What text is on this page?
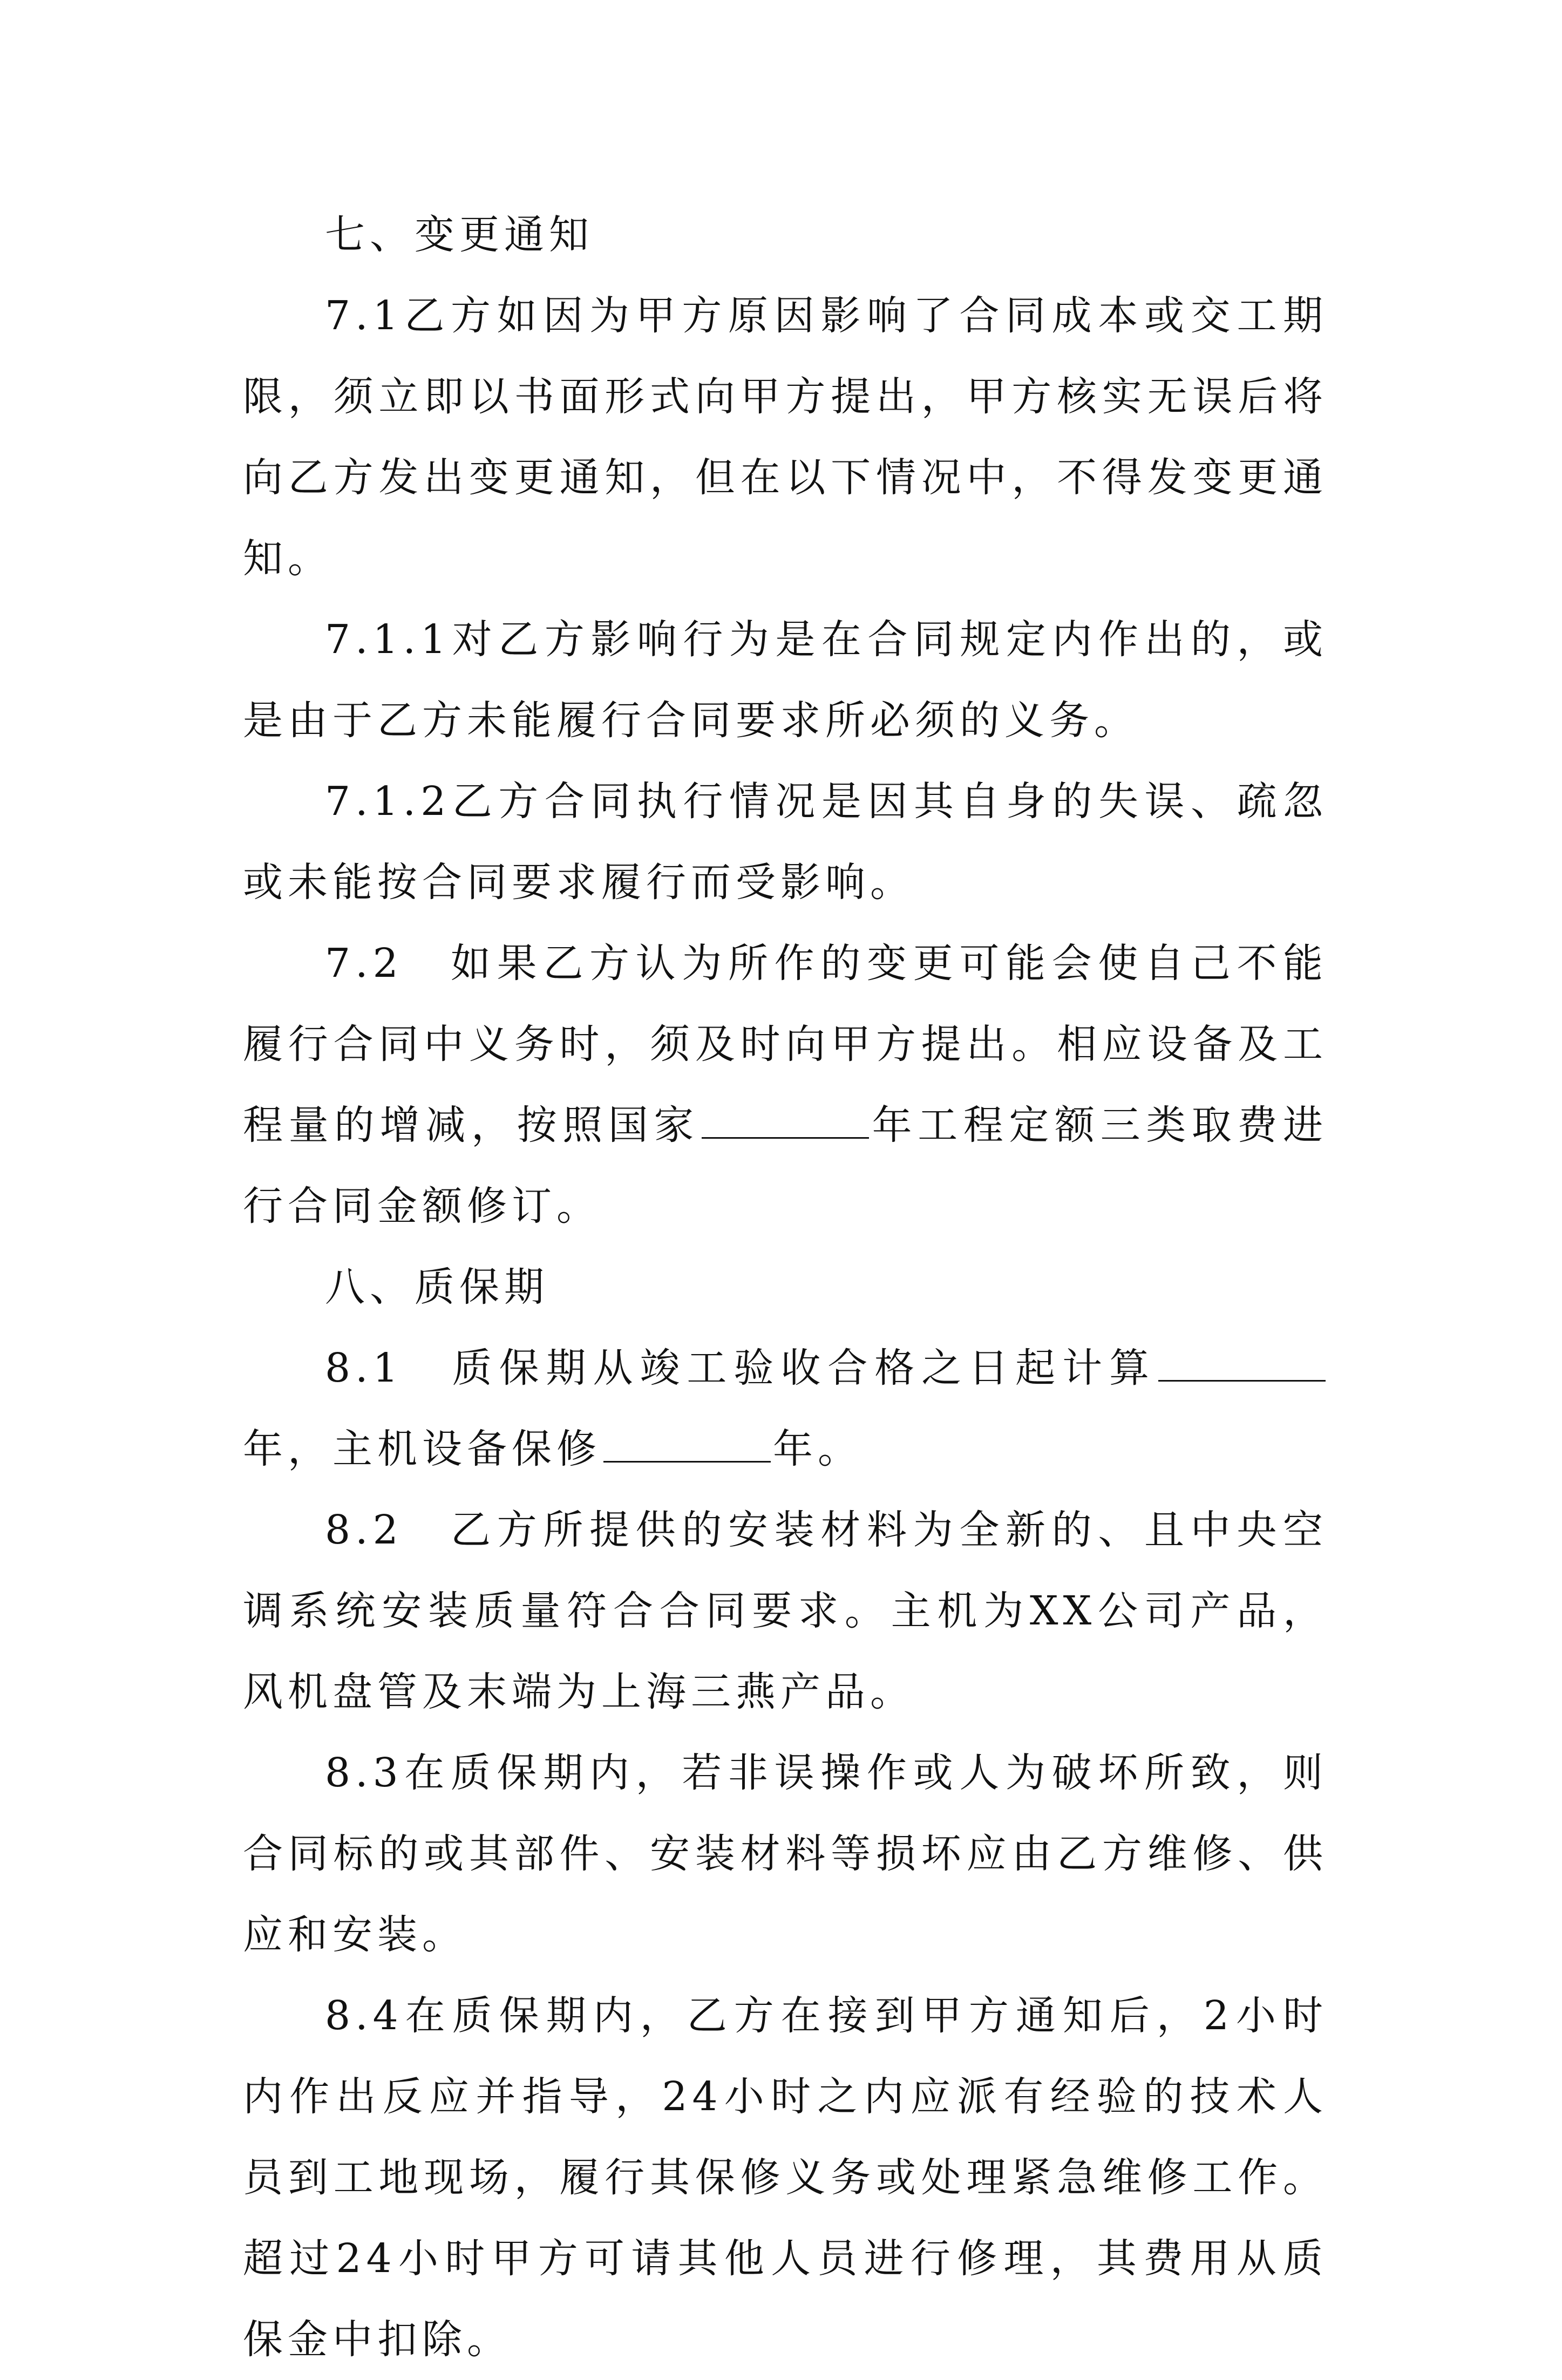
七、变更通知

7.1乙方如因为甲方原因影响了合同成本或交工期限，须立即以书面形式向甲方提出，甲方核实无误后将向乙方发出变更通知，但在以下情况中，不得发变更通知。

7.1.1对乙方影响行为是在合同规定内作出的，或是由于乙方未能履行合同要求所必须的义务。

7.1.2乙方合同执行情况是因其自身的失误、疏忽或未能按合同要求履行而受影响。

7.2　如果乙方认为所作的变更可能会使自己不能履行合同中义务时，须及时向甲方提出。相应设备及工程量的增减，按照国家	年工程定额三类取费进行合同金额修订。

八、质保期

8.1　质保期从竣工验收合格之日起计算年，主机设备保修	年。

8.2　乙方所提供的安装材料为全新的、且中央空调系统安装质量符合合同要求。主机为XX公司产品，风机盘管及末端为上海三燕产品。

8.3在质保期内，若非误操作或人为破坏所致，则合同标的或其部件、安装材料等损坏应由乙方维修、供应和安装。

8.4在质保期内，乙方在接到甲方通知后，2小时内作出反应并指导，24小时之内应派有经验的技术人员到工地现场，履行其保修义务或处理紧急维修工作。超过24小时甲方可请其他人员进行修理，其费用从质保金中扣除。
